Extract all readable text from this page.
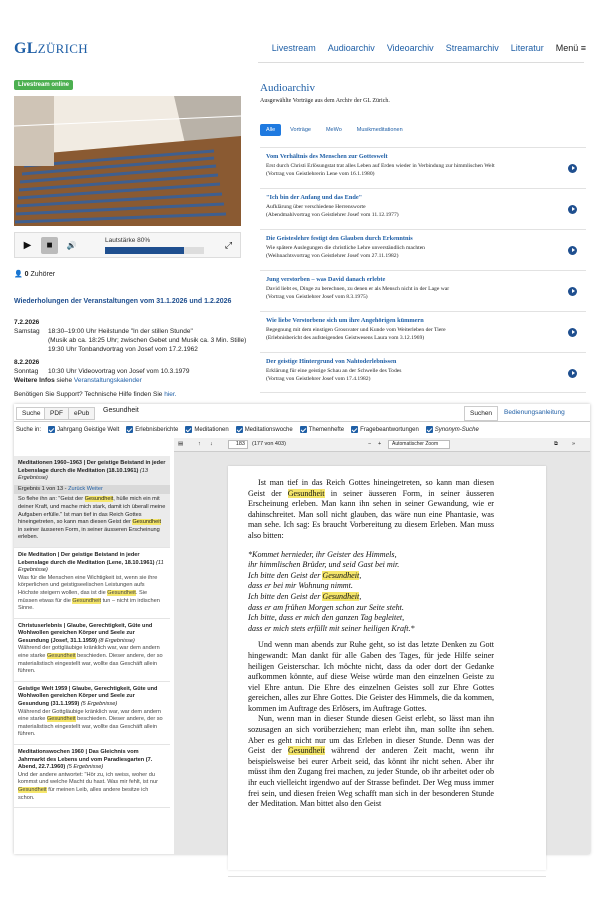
GLZÜRICH	Livestream Audioarchiv Videoarchiv Streamarchiv Literatur Menü ≡
Livestream online
▶	■	🔊
Lautstärke 80%	⤢
👤 0 Zuhörer
Wiederholungen der Veranstaltungen vom 31.1.2026 und 1.2.2026
7.2.2026
Samstag	18:30–19:00 Uhr Heilstunde "In der stillen Stunde"
(Musik ab ca. 18:25 Uhr; zwischen Gebet und Musik ca. 3 Min. Stille)
19:30 Uhr Tonbandvortrag von Josef vom 17.2.1962
8.2.2026
Sonntag	10:30 Uhr Videovortrag von Josef vom 10.3.1979
Weitere Infos siehe Veranstaltungskalender
Benötigen Sie Support? Technische Hilfe finden Sie hier.
Audioarchiv
Ausgewählte Vorträge aus dem Archiv der GL Zürich.
Alle	Vorträge	MeWo	Musikmeditationen
Vom Verhältnis des Menschen zur Gotteswelt
Erst durch Christi Erlösungstat trat alles Leben auf Erden wieder in Verbindung zur himmlischen Welt
(Vortrag von Geistlehrerin Lene vom 16.1.1980)
"Ich bin der Anfang und das Ende"
Aufklärung über verschiedene Herrensworte
(Abendmahlvortrag von Geistlehrer Josef vom 11.12.1977)
Die Geisteslehre festigt den Glauben durch Erkenntnis
Wie spätere Auslegungen die christliche Lehre unverständlich machten
(Weihnachtsvortrag von Geistlehrer Josef vom 27.11.1982)
Jung verstorben – was David danach erlebte
David liebt es, Dinge zu berechnen, zu denen er als Mensch nicht in der Lage war
(Vortrag von Geistlehrer Josef vom 8.3.1975)
Wie liebe Verstorbene sich um ihre Angehörigen kümmern
Begegnung mit dem einstigen Grossvater und Kunde vom Weiterleben der Tiere
(Erlebnisbericht des aufsteigenden Geistwesens Laura vom 3.12.1969)
Der geistige Hintergrund von Nahtoderlebnissen
Erklärung für eine geistige Schau an der Schwelle des Todes
(Vortrag von Geistlehrer Josef vom 17.4.1982)
Suche	PDF	ePub	Gesundheit	Suchen	Bedienungsanleitung
Suche in:	Jahrgang Geistige Welt	Erlebnisberichte	Meditationen	Meditationswoche	Themenhefte	Fragebeantwortungen	Synonym-Suche
Meditationen 1960–1963 | Der geistige Beistand in jeder Lebenslage durch die Meditation (18.10.1961) (13 Ergebnisse)
Ergebnis 1 von 13 - Zurück Weiter
So flehe ihn an: "Geist der Gesundheit, hülle mich ein mit deiner Kraft, und mache mich stark, damit ich überall meine Aufgaben erfülle." Ist man tief in das Reich Gottes hineingetreten, so kann man diesen Geist der Gesundheit in seiner äusseren Form, in seiner äusseren Erscheinung erleben.
Die Meditation | Der geistige Beistand in jeder Lebenslage durch die Meditation (Lene, 18.10.1961) (11 Ergebnisse)
Was für die Menschen eine Wichtigkeit ist, wenn sie ihre körperlichen und geistigseelischen Leistungen aufs Höchste steigern wollen, das ist die Gesundheit. Sie müssen etwas für die Gesundheit tun – nicht im irdischen Sinne.
Christuserlebnis | Glaube, Gerechtigkeit, Güte und Wohlwollen gereichen Körper und Seele zur Gesundung (Josef, 31.1.1959) (8 Ergebnisse)
Während der gottgläubige kränklich war, war dem andern eine starke Gesundheit beschieden. Dieser andere, der so materialistisch eingestellt war, wollte das Geschäft allein führen.
Geistige Welt 1959 | Glaube, Gerechtigkeit, Güte und Wohlwollen gereichen Körper und Seele zur Gesundung (31.1.1959) (5 Ergebnisse)
Während der Gottgläubige kränklich war, war dem andern eine starke Gesundheit beschieden. Dieser andere, der so materialistisch eingestellt war, wollte das Geschäft allein führen.
Meditationswochen 1960 | Das Gleichnis vom Jahrmarkt des Lebens und vom Paradiesgarten (7. Abend, 22.7.1960) (5 Ergebnisse)
Und der andere antwortet: "Hör zu, ich weiss, woher du kommst und welche Macht du hast. Was mir fehlt, ist nur Gesundheit für meinen Leib, alles andere besitze ich schon.
▤	↑ ↓	183	(177 von 403)	− +	Automatischer Zoom	⧉	»

Ist man tief in das Reich Gottes hineingetreten, so kann man diesen Geist der Gesundheit in seiner äusseren Form, in seiner äusseren Erscheinung erleben. Man kann ihn sehen in seiner Gewandung, wie er dahinschreitet. Man soll nicht glauben, das wäre nun eine Phantasie, was man sehe. Ich sag: Es braucht Vorbereitung zu diesem Erleben. Man muss also bitten:

*Kommet hernieder, ihr Geister des Himmels,
ihr himmlischen Brüder, und seid Gast bei mir.
Ich bitte den Geist der Gesundheit,
dass er bei mir Wohnung nimmt.
Ich bitte den Geist der Gesundheit,
dass er am frühen Morgen schon zur Seite steht.
Ich bitte, dass er mich den ganzen Tag begleitet,
dass er mich stets erfüllt mit seiner heiligen Kraft.*

Und wenn man abends zur Ruhe geht, so ist das letzte Denken zu Gott hingewandt: Man dankt für alle Gaben des Tages, für jede Hilfe seiner heiligen Geisterschar. Ich möchte nicht, dass da oder dort der Gedanke aufkommen könnte, auf diese Weise würde man den einzelnen Geiste zu viel Ehre antun. Die Ehre des einzelnen Geistes soll zur Ehre Gottes gereichen, alles zur Ehre Gottes. Die Geister des Himmels, die da kommen, kommen im Auftrage des Erlösers, im Auftrage Gottes.

Nun, wenn man in dieser Stunde diesen Geist erlebt, so lässt man ihn sozusagen an sich vorüberziehen; man erlebt ihn, man sollte ihn sehen. Aber es geht nicht nur um das Erleben in dieser Stunde. Denn was der Geist der Gesundheit während der anderen Zeit macht, wenn ihr beispielsweise bei eurer Arbeit seid, das könnt ihr nicht sehen. Aber ihr müsst ihm den Zugang frei machen, zu jeder Stunde, ob ihr arbeitet oder ob ihr euch vielleicht irgendwo auf der Strasse befindet. Der Weg muss immer frei sein, und diesen freien Weg schafft man sich in der besonderen Stunde der Meditation. Man bittet also den Geist
